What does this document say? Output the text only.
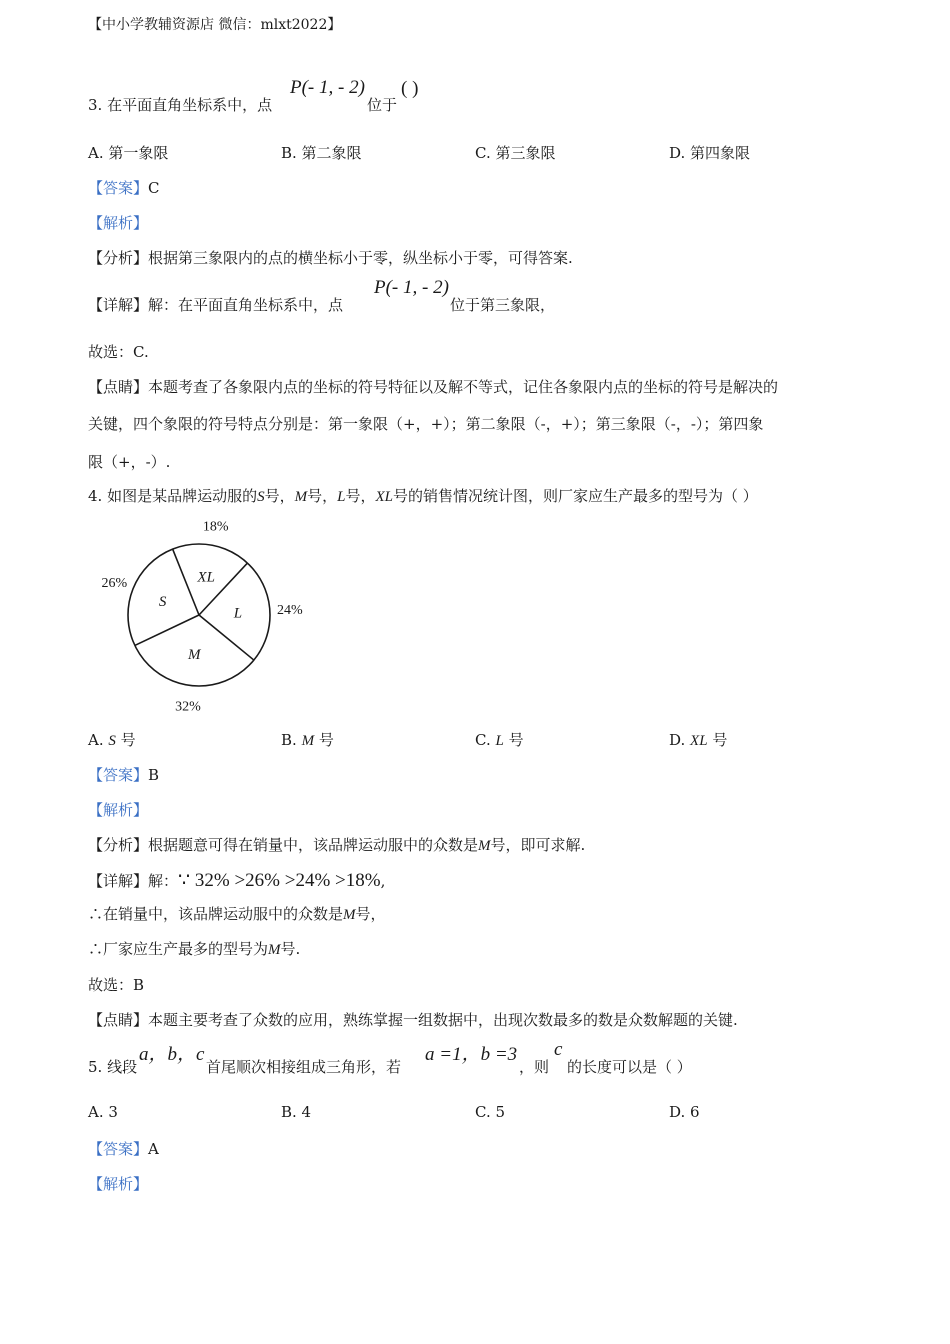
【中小学教辅资源店 微信：mlxt2022】
3. 在平面直角坐标系中，点
P(- 1, - 2)
位于
( )
A. 第一象限	B. 第二象限	C. 第三象限	D. 第四象限
【答案】C
【解析】
【分析】根据第三象限内的点的横坐标小于零，纵坐标小于零，可得答案.
【详解】解：在平面直角坐标系中，点
P(- 1, - 2)
位于第三象限，
故选：C.
【点睛】本题考查了各象限内点的坐标的符号特征以及解不等式，记住各象限内点的坐标的符号是解决的
关键，四个象限的符号特点分别是：第一象限（+，+）；第二象限（-，+）；第三象限（-，-）；第四象
限（+，-）.
4. 如图是某品牌运动服的S号，M号，L号，XL号的销售情况统计图，则厂家应生产最多的型号为（ ）
L 24%
M
32%
S
26%	XL
18%
A. S 号	B. M 号	C. L 号	D. XL 号
【答案】B
【解析】
【分析】根据题意可得在销量中，该品牌运动服中的众数是M号，即可求解.
【详解】解：∵ 32% >26% >24% >18%,
∴在销量中，该品牌运动服中的众数是M号，
∴厂家应生产最多的型号为M号.
故选：B
【点睛】本题主要考查了众数的应用，熟练掌握一组数据中，出现次数最多的数是众数解题的关键.
5. 线段
a，b，c
首尾顺次相接组成三角形，若
a =1，b =3
，则
c
的长度可以是（ ）
A. 3	B. 4	C. 5	D. 6
【答案】A
【解析】
